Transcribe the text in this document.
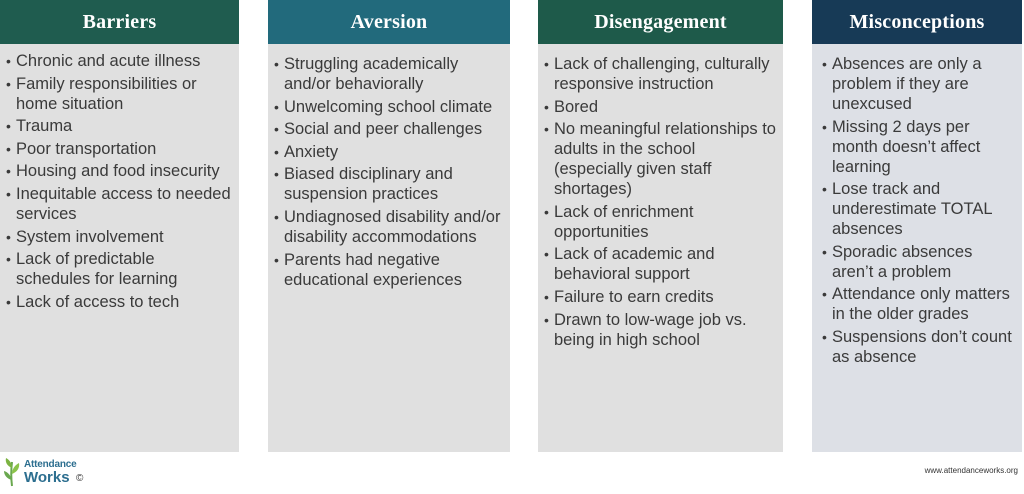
Barriers
• Chronic and acute illness
• Family responsibilities or home situation
• Trauma
• Poor transportation
• Housing and food insecurity
• Inequitable access to needed services
• System involvement
• Lack of predictable schedules for learning
• Lack of access to tech
Aversion
• Struggling academically and/or behaviorally
• Unwelcoming school climate
• Social and peer challenges
• Anxiety
• Biased disciplinary and suspension practices
• Undiagnosed disability and/or disability accommodations
• Parents had negative educational experiences
Disengagement
• Lack of challenging, culturally responsive instruction
• Bored
• No meaningful relationships to adults in the school (especially given staff shortages)
• Lack of enrichment opportunities
• Lack of academic and behavioral support
• Failure to earn credits
• Drawn to low-wage job vs. being in high school
Misconceptions
• Absences are only a problem if they are unexcused
• Missing 2 days per month doesn’t affect learning
• Lose track and underestimate TOTAL absences
• Sporadic absences aren’t a problem
• Attendance only matters in the older grades
• Suspensions don’t count as absence
Attendance
Works ©
www.attendanceworks.org
